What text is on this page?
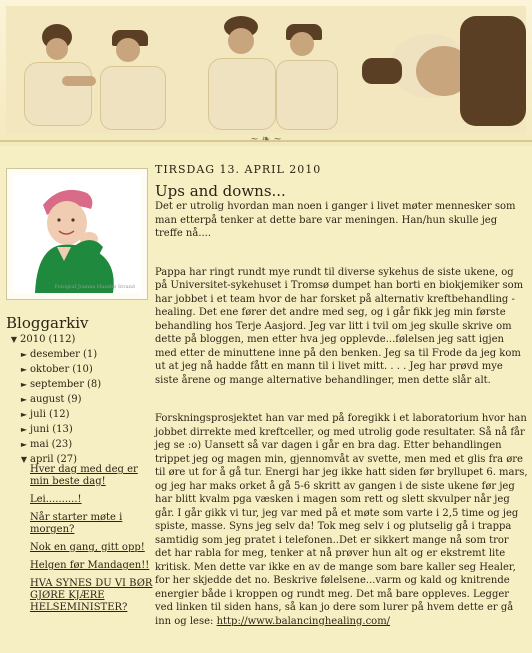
~ ❧ ~
Fotograf Joanna Husebø Strand
Bloggarkiv
▼ 2010 (112)
► desember (1)
► oktober (10)
► september (8)
► august (9)
► juli (12)
► juni (13)
► mai (23)
▼ april (27)
Hver dag med deg er min beste dag!
Lei..........!
Når starter møte i morgen?
Nok en gang, gitt opp!
Helgen før Mandagen!!
HVA SYNES DU VI BØR GJØRE KJÆRE HELSEMINISTER?
TIRSDAG 13. APRIL 2010
Ups and downs...

Det er utrolig hvordan man noen i ganger i livet møter mennesker som man etterpå tenker at dette bare var meningen. Han/hun skulle jeg treffe nå....

Pappa har ringt rundt mye rundt til diverse sykehus de siste ukene, og på Universitet-sykehuset i Tromsø dumpet han borti en biokjemiker som har jobbet i et team hvor de har forsket på alternativ kreftbehandling - healing. Det ene fører det andre med seg, og i går fikk jeg min første behandling hos Terje Aasjord. Jeg var litt i tvil om jeg skulle skrive om dette på bloggen, men etter hva jeg opplevde...følelsen jeg satt igjen med etter de minuttene inne på den benken. Jeg sa til Frode da jeg kom ut at jeg nå hadde fått en mann til i livet mitt. . . . Jeg har prøvd mye siste årene og mange alternative behandlinger, men dette slår alt.

Forskningsprosjektet han var med på foregikk i et laboratorium hvor han jobbet dirrekte med kreftceller, og med utrolig gode resultater. Så nå får jeg se :o) Uansett så var dagen i går en bra dag. Etter behandlingen trippet jeg og magen min, gjennomvåt av svette, men med et glis fra øre til øre ut for å gå tur. Energi har jeg ikke hatt siden før bryllupet 6. mars, og jeg har maks orket å gå 5-6 skritt av gangen i de siste ukene før jeg har blitt kvalm pga væsken i magen som rett og slett skvulper når jeg går. I går gikk vi tur, jeg var med på et møte som varte i 2,5 time og jeg spiste, masse. Syns jeg selv da! Tok meg selv i og plutselig gå i trappa samtidig som jeg pratet i telefonen..Det er sikkert mange nå som tror det har rabla for meg, tenker at nå prøver hun alt og er ekstremt lite kritisk. Men dette var ikke en av de mange som bare kaller seg Healer, for her skjedde det no. Beskrive følelsene...varm og kald og knitrende energier både i kroppen og rundt meg. Det må bare oppleves. Legger ved linken til siden hans, så kan jo dere som lurer på hvem dette er gå inn og lese: http://www.balancinghealing.com/
